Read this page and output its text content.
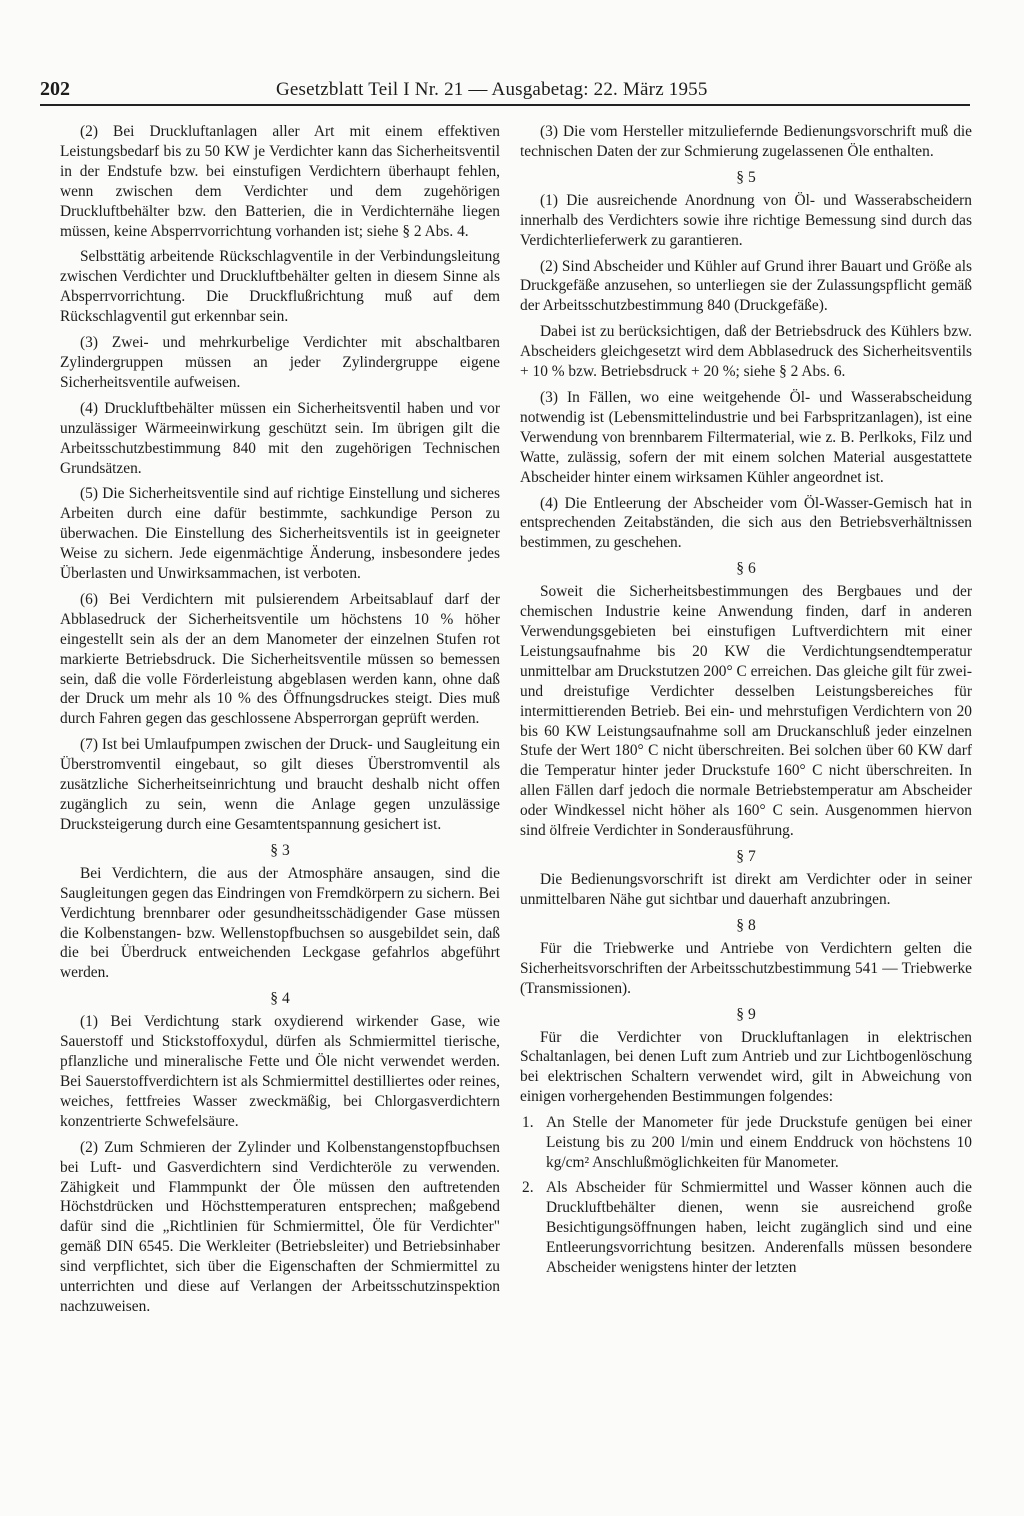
202	Gesetzblatt Teil I Nr. 21 — Ausgabetag: 22. März 1955

(2) Bei Druckluftanlagen aller Art mit einem effektiven Leistungsbedarf bis zu 50 KW je Verdichter kann das Sicherheitsventil in der Endstufe bzw. bei einstufigen Verdichtern überhaupt fehlen, wenn zwischen dem Verdichter und dem zugehörigen Druckluftbehälter bzw. den Batterien, die in Verdichternähe liegen müssen, keine Absperrvorrichtung vorhanden ist; siehe § 2 Abs. 4.

Selbsttätig arbeitende Rückschlagventile in der Verbindungsleitung zwischen Verdichter und Druckluftbehälter gelten in diesem Sinne als Absperrvorrichtung. Die Druckflußrichtung muß auf dem Rückschlagventil gut erkennbar sein.

(3) Zwei- und mehrkurbelige Verdichter mit abschaltbaren Zylindergruppen müssen an jeder Zylindergruppe eigene Sicherheitsventile aufweisen.

(4) Druckluftbehälter müssen ein Sicherheitsventil haben und vor unzulässiger Wärmeeinwirkung geschützt sein. Im übrigen gilt die Arbeitsschutzbestimmung 840 mit den zugehörigen Technischen Grundsätzen.

(5) Die Sicherheitsventile sind auf richtige Einstellung und sicheres Arbeiten durch eine dafür bestimmte, sachkundige Person zu überwachen. Die Einstellung des Sicherheitsventils ist in geeigneter Weise zu sichern. Jede eigenmächtige Änderung, insbesondere jedes Überlasten und Unwirksammachen, ist verboten.

(6) Bei Verdichtern mit pulsierendem Arbeitsablauf darf der Abblasedruck der Sicherheitsventile um höchstens 10 % höher eingestellt sein als der an dem Manometer der einzelnen Stufen rot markierte Betriebsdruck. Die Sicherheitsventile müssen so bemessen sein, daß die volle Förderleistung abgeblasen werden kann, ohne daß der Druck um mehr als 10 % des Öffnungsdruckes steigt. Dies muß durch Fahren gegen das geschlossene Absperrorgan geprüft werden.

(7) Ist bei Umlaufpumpen zwischen der Druck- und Saugleitung ein Überstromventil eingebaut, so gilt dieses Überstromventil als zusätzliche Sicherheitseinrichtung und braucht deshalb nicht offen zugänglich zu sein, wenn die Anlage gegen unzulässige Drucksteigerung durch eine Gesamtentspannung gesichert ist.

§ 3

Bei Verdichtern, die aus der Atmosphäre ansaugen, sind die Saugleitungen gegen das Eindringen von Fremdkörpern zu sichern. Bei Verdichtung brennbarer oder gesundheitsschädigender Gase müssen die Kolbenstangen- bzw. Wellenstopfbuchsen so ausgebildet sein, daß die bei Überdruck entweichenden Leckgase gefahrlos abgeführt werden.

§ 4

(1) Bei Verdichtung stark oxydierend wirkender Gase, wie Sauerstoff und Stickstoffoxydul, dürfen als Schmiermittel tierische, pflanzliche und mineralische Fette und Öle nicht verwendet werden. Bei Sauerstoffverdichtern ist als Schmiermittel destilliertes oder reines, weiches, fettfreies Wasser zweckmäßig, bei Chlorgasverdichtern konzentrierte Schwefelsäure.

(2) Zum Schmieren der Zylinder und Kolbenstangenstopfbuchsen bei Luft- und Gasverdichtern sind Verdichteröle zu verwenden. Zähigkeit und Flammpunkt der Öle müssen den auftretenden Höchstdrücken und Höchsttemperaturen entsprechen; maßgebend dafür sind die „Richtlinien für Schmiermittel, Öle für Verdichter" gemäß DIN 6545. Die Werkleiter (Betriebsleiter) und Betriebsinhaber sind verpflichtet, sich über die Eigenschaften der Schmiermittel zu unterrichten und diese auf Verlangen der Arbeitsschutzinspektion nachzuweisen.

(3) Die vom Hersteller mitzuliefernde Bedienungsvorschrift muß die technischen Daten der zur Schmierung zugelassenen Öle enthalten.

§ 5

(1) Die ausreichende Anordnung von Öl- und Wasserabscheidern innerhalb des Verdichters sowie ihre richtige Bemessung sind durch das Verdichterlieferwerk zu garantieren.

(2) Sind Abscheider und Kühler auf Grund ihrer Bauart und Größe als Druckgefäße anzusehen, so unterliegen sie der Zulassungspflicht gemäß der Arbeitsschutzbestimmung 840 (Druckgefäße).

Dabei ist zu berücksichtigen, daß der Betriebsdruck des Kühlers bzw. Abscheiders gleichgesetzt wird dem Abblasedruck des Sicherheitsventils + 10 % bzw. Betriebsdruck + 20 %; siehe § 2 Abs. 6.

(3) In Fällen, wo eine weitgehende Öl- und Wasserabscheidung notwendig ist (Lebensmittelindustrie und bei Farbspritzanlagen), ist eine Verwendung von brennbarem Filtermaterial, wie z. B. Perlkoks, Filz und Watte, zulässig, sofern der mit einem solchen Material ausgestattete Abscheider hinter einem wirksamen Kühler angeordnet ist.

(4) Die Entleerung der Abscheider vom Öl-Wasser-Gemisch hat in entsprechenden Zeitabständen, die sich aus den Betriebsverhältnissen bestimmen, zu geschehen.

§ 6

Soweit die Sicherheitsbestimmungen des Bergbaues und der chemischen Industrie keine Anwendung finden, darf in anderen Verwendungsgebieten bei einstufigen Luftverdichtern mit einer Leistungsaufnahme bis 20 KW die Verdichtungsendtemperatur unmittelbar am Druckstutzen 200° C erreichen. Das gleiche gilt für zwei- und dreistufige Verdichter desselben Leistungsbereiches für intermittierenden Betrieb. Bei ein- und mehrstufigen Verdichtern von 20 bis 60 KW Leistungsaufnahme soll am Druckanschluß jeder einzelnen Stufe der Wert 180° C nicht überschreiten. Bei solchen über 60 KW darf die Temperatur hinter jeder Druckstufe 160° C nicht überschreiten. In allen Fällen darf jedoch die normale Betriebstemperatur am Abscheider oder Windkessel nicht höher als 160° C sein. Ausgenommen hiervon sind ölfreie Verdichter in Sonderausführung.

§ 7

Die Bedienungsvorschrift ist direkt am Verdichter oder in seiner unmittelbaren Nähe gut sichtbar und dauerhaft anzubringen.

§ 8

Für die Triebwerke und Antriebe von Verdichtern gelten die Sicherheitsvorschriften der Arbeitsschutzbestimmung 541 — Triebwerke (Transmissionen).

§ 9

Für die Verdichter von Druckluftanlagen in elektrischen Schaltanlagen, bei denen Luft zum Antrieb und zur Lichtbogenlöschung bei elektrischen Schaltern verwendet wird, gilt in Abweichung von einigen vorhergehenden Bestimmungen folgendes:

1. An Stelle der Manometer für jede Druckstufe genügen bei einer Leistung bis zu 200 l/min und einem Enddruck von höchstens 10 kg/cm² Anschlußmöglichkeiten für Manometer.
2. Als Abscheider für Schmiermittel und Wasser können auch die Druckluftbehälter dienen, wenn sie ausreichend große Besichtigungsöffnungen haben, leicht zugänglich sind und eine Entleerungsvorrichtung besitzen. Anderenfalls müssen besondere Abscheider wenigstens hinter der letzten
